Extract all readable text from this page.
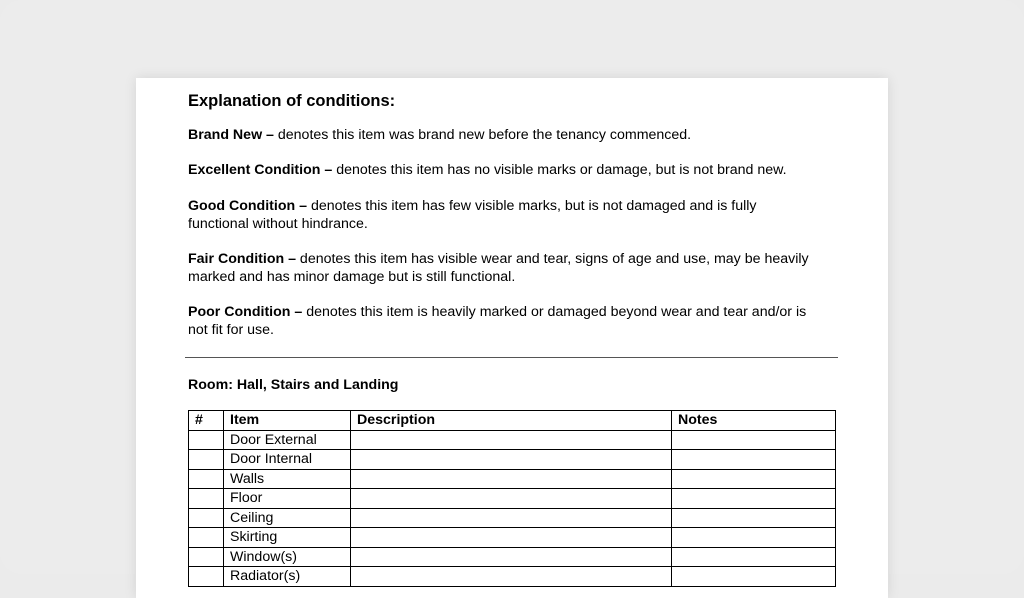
Explanation of conditions:
Brand New – denotes this item was brand new before the tenancy commenced.
Excellent Condition – denotes this item has no visible marks or damage, but is not brand new.
Good Condition – denotes this item has few visible marks, but is not damaged and is fully functional without hindrance.
Fair Condition – denotes this item has visible wear and tear, signs of age and use, may be heavily marked and has minor damage but is still functional.
Poor Condition – denotes this item is heavily marked or damaged beyond wear and tear and/or is not fit for use.
Room: Hall, Stairs and Landing
#	Item	Description	Notes
	Door External		
	Door Internal		
	Walls		
	Floor		
	Ceiling		
	Skirting		
	Window(s)		
	Radiator(s)		
